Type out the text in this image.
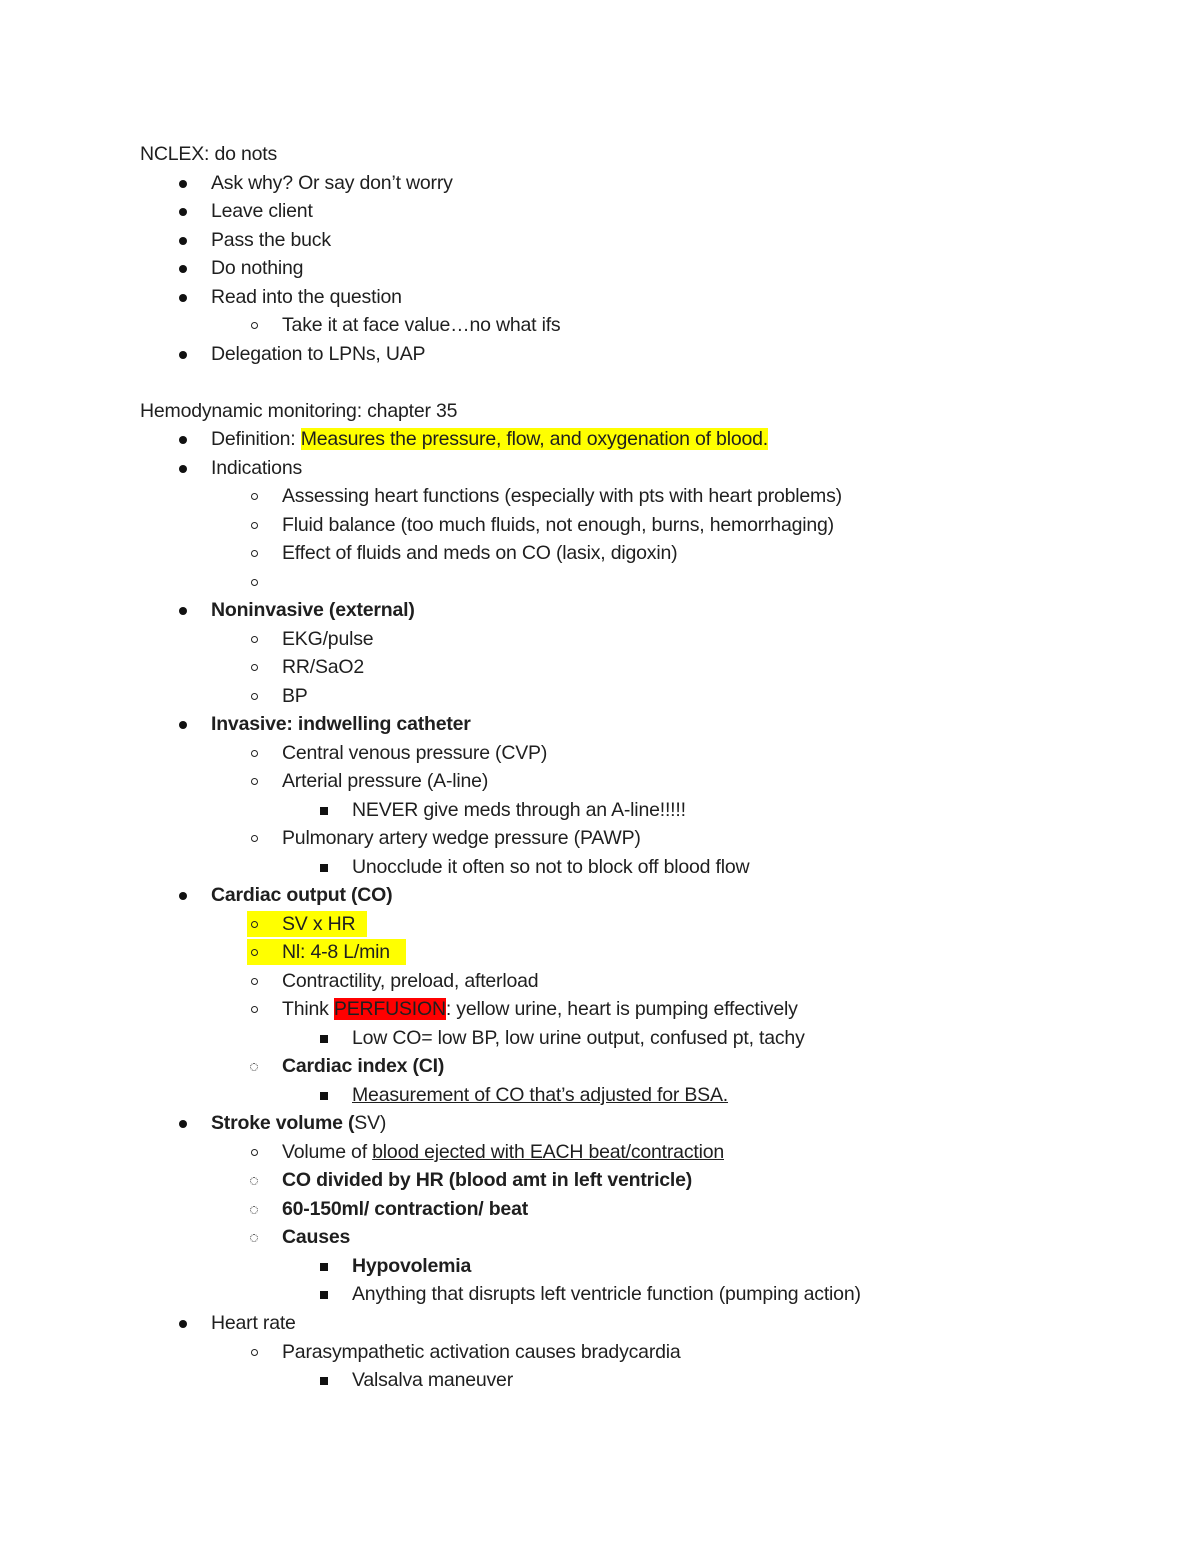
NCLEX: do nots
Ask why? Or say don’t worry
Leave client
Pass the buck
Do nothing
Read into the question
Take it at face value…no what ifs
Delegation to LPNs, UAP
Hemodynamic monitoring: chapter 35
Definition: Measures the pressure, flow, and oxygenation of blood.
Indications
Assessing heart functions (especially with pts with heart problems)
Fluid balance (too much fluids, not enough, burns, hemorrhaging)
Effect of fluids and meds on CO (lasix, digoxin)
Noninvasive (external)
EKG/pulse
RR/SaO2
BP
Invasive: indwelling catheter
Central venous pressure (CVP)
Arterial pressure (A-line)
NEVER give meds through an A-line!!!!!
Pulmonary artery wedge pressure (PAWP)
Unocclude it often so not to block off blood flow
Cardiac output (CO)
SV x HR
Nl: 4-8 L/min
Contractility, preload, afterload
Think PERFUSION: yellow urine, heart is pumping effectively
Low CO= low BP, low urine output, confused pt, tachy
Cardiac index (CI)
Measurement of CO that’s adjusted for BSA.
Stroke volume (SV)
Volume of blood ejected with EACH beat/contraction
CO divided by HR (blood amt in left ventricle)
60-150ml/ contraction/ beat
Causes
Hypovolemia
Anything that disrupts left ventricle function (pumping action)
Heart rate
Parasympathetic activation causes bradycardia
Valsalva maneuver
